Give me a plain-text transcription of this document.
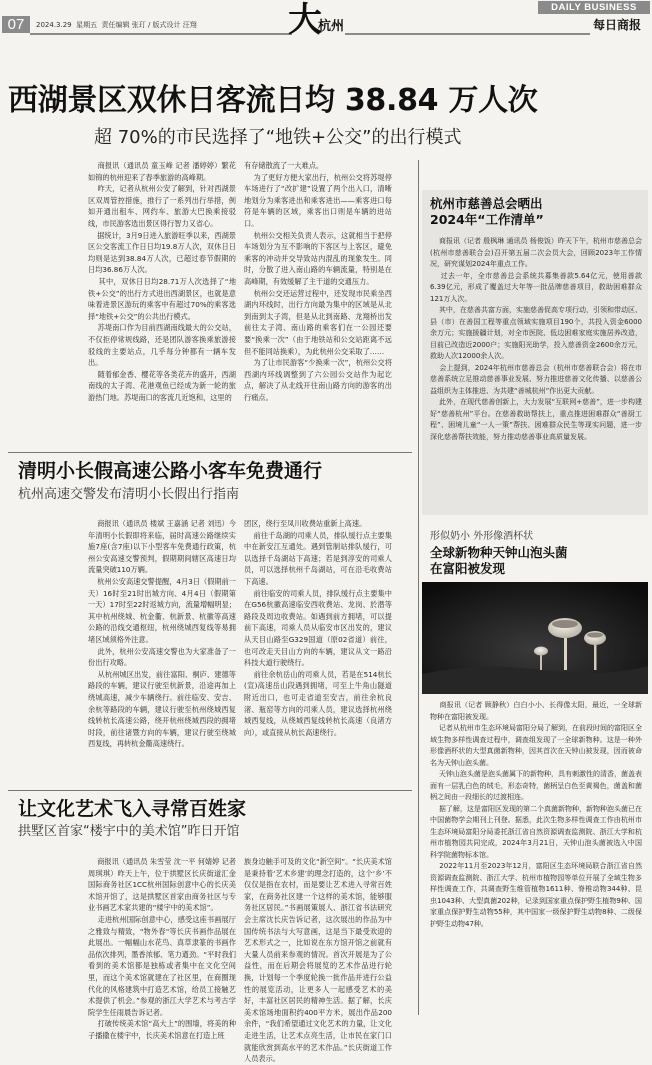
07	2024.3.29  星期五  责任编辑 张玎 / 版式设计 汪翔	大
杭州
DAILY BUSINESS
每日商报
西湖景区双休日客流日均 38.84 万人次
超 70%的市民选择了“地铁+公交”的出行模式
商报讯（通讯员 童玉峰 记者 潘婷婷）繁花如锦的杭州迎来了春季旅游的高峰期。
昨天，记者从杭州公安了解到，针对西湖景区双周管控措施，推行了一系列出行举措，例如开通出租车、网约车、旅游大巴换乘接驳线，市民游客选出景区得行智力又省心。
据统计，3月9日进入旅游旺季以来，西湖景区公交客流工作日日均19.8万人次，双休日日均则是达到38.84万人次，已超过春节假期的日均36.86万人次。
其中，双休日日均28.71万人次选择了“地铁+公交”的出行方式进出西湖景区，也就是意味着进景区游玩的乘客中有超过70%的乘客选择“地铁+公交”的公共出行模式。
苏堤南口作为目前西湖南线最大的公交站，不仅拒停常规线路，还是团队游客换乘旅游接驳线的主要站点，几乎每分钟都有一辆车发出。
随着郁金香、樱花等各类花卉的盛开，西湖南线的太子湾、花港观鱼已经成为新一轮的旅游热门地。苏堤南口的客流几近饱和，这里的
有存储散流了一大难点。
为了更好方便大家出行，杭州公交将苏堤停车场进行了“改扩建”设置了两个出入口，清晰地划分为乘客进出和乘客进出——乘客进口每符是车辆的区域，乘客出口则是车辆的进站口。
杭州公交相关负责人表示，这就相当于把停车场划分为互不影响的下客区与上客区，避免乘客的冲动并交导致站内混乱的现象发生。同时，分散了进入南山路的车辆流量，特别是在高峰期，有效缓解了主干道的交通压力。
杭州公交还运营过程中，还发现市民乘坐西湖内环线时，出行方向最为集中的区域是从北到南到太子湾，但是从北到南路、龙翔桥出发前往太子湾、南山路的乘客们在一公园还要要“换乘一次”（由于地铁站和公交站距离不远但不能同站换乘），为此杭州公交采取了……
为了让市民游客“少换乘一次”，杭州公交将西湖内环线调整到了六公园公交站作为起讫点，解决了从北线开往南山路方向的游客的出行痛点。
清明小长假高速公路小客车免费通行
杭州高速交警发布清明小长假出行指南
商报讯（通讯员 楼斌 王嘉涵 记者 刘迅）今年清明小长假即将来临，届时高速公路继续实施7座(含7座)以下小型客车免费通行政策，杭州公安高速交警预判，假期期间辖区高速日均流量突破110万辆。
杭州公安高速交警提醒，4月3日（假期前一天）16时至21时出城方向、4月4日（假期第一天）17时至22时返城方向，流量增幅明显；其中杭州绕城、杭金衢、杭新景、杭徽等高速公路的沿线交通枢纽，杭州绕城西复线等易拥堵区域须格外注意。
此外，杭州公安高速交警也为大家准备了一份出行攻略。
从杭州城区出发，前往富阳、桐庐、建德等路段的车辆，建议行驶至杭新景，沿途再加上绕城高速，减少车辆绕行。前往临安、安吉、余杭等路段的车辆，建议行驶至杭州绕城西复线转杭长高速公路，绕开杭州绕城西段的拥堵时段，前往诸暨方向的车辆，建议行驶至绕城西复线，再转杭金衢高速绕行。
团区，绕行至凤川收费站重新上高速。
前往千岛湖的司乘人员，排队缓行点主要集中在新安江互通处。遇到管制站排队缓行，可以选择千岛湖站下高速；若是到淳安的司乘人员，可以选择杭州千岛湖站，可在沿毛收费站下高速。
前往临安的司乘人员，排队缓行点主要集中在G56杭徽高速临安西收费站、龙岗、於潜等路段及周边收费站。如遇到前方拥堵，可以提前下高速，司乘人员从临安市区出发的，建议从天目山路至G329国道（原02省道）前往，也可改走天目山方向的车辆，建议从文一路沿科技大道行驶绕行。
前往余杭岳山的司乘人员，若是在514杭长(宣)高速岳山段遇到拥堵，可至上牛角山隧道附近出口，也可走省道至安吉，前往余杭良渚、瓶窑等方向的司乘人员，建议选择杭州绕城西复线，从绕城西复线转杭长高速（良渚方向），或直接从杭长高速绕行。
让文化艺术飞入寻常百姓家
拱墅区首家“楼宇中的美术馆”昨日开馆
商报讯（通讯员 朱雪莹 沈一平 何婧婷 记者 周琪琪）昨天上午，位于拱墅区长庆街道汇金国际商务社区1CC杭州国际创意中心的长庆美术馆开馆了，这是拱墅区首家由商务社区与专业书画艺术家共建的“楼宇中的美术馆”。
走进杭州国际创意中心，感受这座书画展厅之雅致与精致，"物外春"等长庆书画作品展在此展出。一幅幅山水花鸟、真草隶篆的书画作品依次排列，墨香浓郁、笔力遒劲。“平时我们看到的美术馆都是独栋或者集中在文化空间里，而这个美术馆就建在了社区里，在商圈现代化的风格建筑中打造艺术馆，给员工接触艺术提供了机会。”参观的浙江大学艺术与考古学院学生任雨晨告诉记者。
打破传统美术馆“高大上”的围墙，将美的种子播撒在楼宇中，长庆美术馆意在打造上班
族身边触手可及的文化“新空间”。“长庆美术馆是秉持着‘艺术乡建’的理念打造的，这个‘乡’不仅仅是指在农村，而是要让艺术进入寻常百姓家，在商务社区建一个这样的美术馆，能够服务社区居民。”书画展策展人、浙江省书法研究会主席沈长庆告诉记者，这次展出的作品为中国传统书法与大写意画，这是当下最受欢迎的艺术形式之一，比如说在东方馆开馆之前就有大量人员前来参观的情况。首次开展是为了公益性，而在后期会将展览的艺术作品进行轮换，计划每一个季度轮换一批作品并进行公益性的展览活动，让更多人一起感受艺术的美好，丰富社区居民的精神生活。据了解，长庆美术馆场地面积约400平方米，展出作品200余件，“我们希望通过文化艺术的力量，让文化走进生活，让艺术点亮生活，让市民在家门口就能欣赏到高水平的艺术作品。”长庆街道工作人员表示。
杭州市慈善总会晒出
2024年“工作清单”
商报讯（记者 殷枫琳 通讯员 杨俊饭）昨天下午，杭州市慈善总会(杭州市慈善联合会)召开第五届二次会员大会，回顾2023年工作情况，研究谋划2024年重点工作。
过去一年，全市慈善总会系统共募集善款5.64亿元，使用善款6.39亿元，形成了覆盖过大年等一批品牌慈善项目，救助困难群众121万人次。
其中，在慈善共富方面，实施慈善促高专项行动，引领和带动区、县（市）在善国工程等重点领域实施项目190个，共投入资金6000余万元；实施援疆计划，对全市医院、低边困难家庭实施居养改造，目前已改造近2000户；实施阳光助学，投入慈善资金2600余万元，救助人次12000余人次。
会上提到，2024年杭州市慈善总会（杭州市慈善联合会）将在市慈善系统立足推动慈善事业发展、努力推进慈善文化传播、以慈善公益组织为主体推进、为共建“善城杭州”作出更大贡献。
此外，在现代慈善创新上，大力发展“互联网+慈善”，进一步构建好“慈善杭州”平台。在慈善救助帮扶上，重点推进困难群众“善厨工程”、困境儿童“一人一策”帮扶、困难群众民生等现实问题，进一步深化慈善帮扶效能，努力推动慈善事业高质量发展。
形似奶小 外形像酒杯状
全球新物种天钟山泡头菌
在富阳被发现
商报讯（记者 顾静秋）白白小小、长得像太阳，最近，一全球新物种在富阳被发现。
记者从杭州市生态环境局富阳分局了解到，在前段时间的富阳区全域生物多样性调查过程中，调查组发现了一全球新物种。这是一种外形像酒杯状的大型真菌新物种，因其首次在天钟山被发现，因而被命名为天钟山泡头菌。
天钟山泡头菌是泡头菌属下的新物种，具有刺激性的清香，菌盖表面有一层乳白色的绒毛，形态奇特，菌柄呈白色至黄褐色，菌盖和菌柄之间由一段细长的过渡相连。
据了解，这是富阳区发现的第二个真菌新物种，新物种泡头菌已在中国菌物学会期刊上刊登。据悉，此次生物多样性调查工作由杭州市生态环境局富阳分局委托浙江省自然资源调查监测院、浙江大学和杭州市植物园共同完成，2024年3月21日，天钟山泡头菌被选入中国科学院菌物标本馆。
2022年11月至2023年12月，富阳区生态环境局联合浙江省自然资源调查监测院、浙江大学、杭州市植物园等单位开展了全域生物多样性调查工作，共调查野生维管植物1611种、脊椎动物344种、昆虫1043种、大型真菌202种，记录到国家重点保护野生植物9种、国家重点保护野生动物55种，其中国家一级保护野生动物8种、二级保护野生动物47种。
